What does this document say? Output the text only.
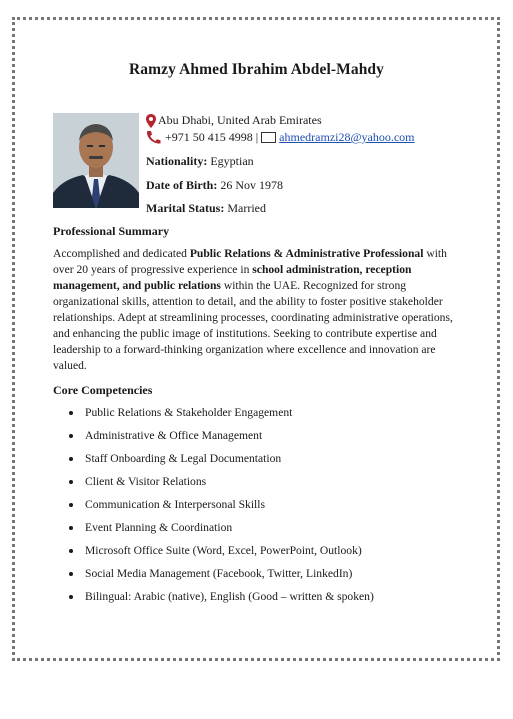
Ramzy Ahmed Ibrahim Abdel-Mahdy
Abu Dhabi, United Arab Emirates
+971 50 415 4998 | ahmedramzi28@yahoo.com
Nationality: Egyptian
Date of Birth: 26 Nov 1978
Marital Status: Married
Professional Summary
Accomplished and dedicated Public Relations & Administrative Professional with over 20 years of progressive experience in school administration, reception management, and public relations within the UAE. Recognized for strong organizational skills, attention to detail, and the ability to foster positive stakeholder relationships. Adept at streamlining processes, coordinating administrative operations, and enhancing the public image of institutions. Seeking to contribute expertise and leadership to a forward-thinking organization where excellence and innovation are valued.
Core Competencies
Public Relations & Stakeholder Engagement
Administrative & Office Management
Staff Onboarding & Legal Documentation
Client & Visitor Relations
Communication & Interpersonal Skills
Event Planning & Coordination
Microsoft Office Suite (Word, Excel, PowerPoint, Outlook)
Social Media Management (Facebook, Twitter, LinkedIn)
Bilingual: Arabic (native), English (Good – written & spoken)
